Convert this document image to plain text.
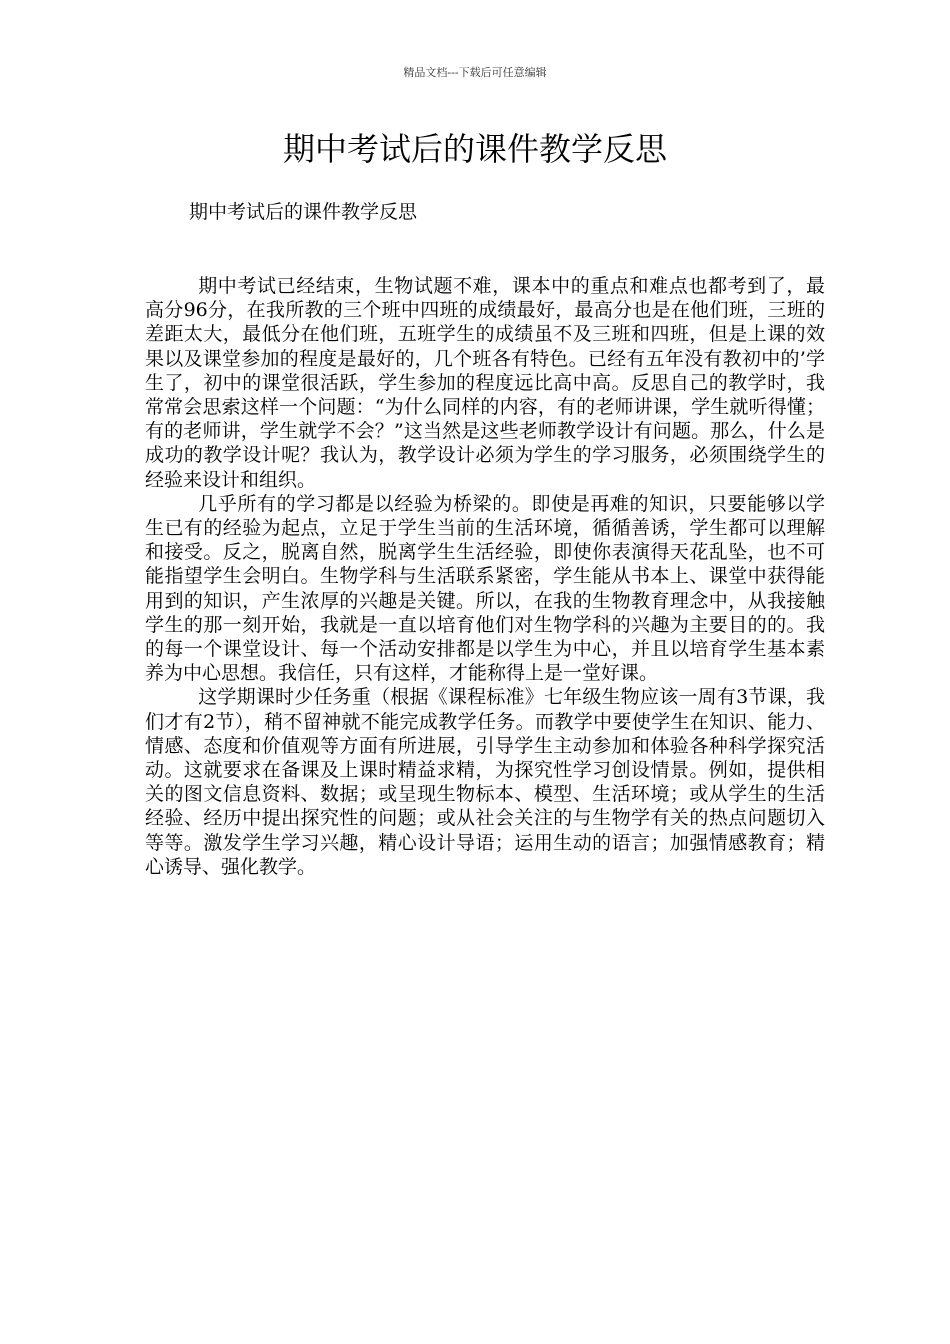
精品文档---下载后可任意编辑
期中考试后的课件教学反思
期中考试后的课件教学反思

期中考试已经结束，生物试题不难，课本中的重点和难点也都考到了，最高分96分，在我所教的三个班中四班的成绩最好，最高分也是在他们班，三班的差距太大，最低分在他们班，五班学生的成绩虽不及三班和四班，但是上课的效果以及课堂参加的程度是最好的，几个班各有特色。已经有五年没有教初中的’学生了，初中的课堂很活跃，学生参加的程度远比高中高。反思自己的教学时，我常常会思索这样一个问题：“为什么同样的内容，有的老师讲课，学生就听得懂；有的老师讲，学生就学不会？”这当然是这些老师教学设计有问题。那么，什么是成功的教学设计呢？我认为，教学设计必须为学生的学习服务，必须围绕学生的经验来设计和组织。

几乎所有的学习都是以经验为桥梁的。即使是再难的知识，只要能够以学生已有的经验为起点，立足于学生当前的生活环境，循循善诱，学生都可以理解和接受。反之，脱离自然，脱离学生生活经验，即使你表演得天花乱坠，也不可能指望学生会明白。生物学科与生活联系紧密，学生能从书本上、课堂中获得能用到的知识，产生浓厚的兴趣是关键。所以，在我的生物教育理念中，从我接触学生的那一刻开始，我就是一直以培育他们对生物学科的兴趣为主要目的的。我的每一个课堂设计、每一个活动安排都是以学生为中心，并且以培育学生基本素养为中心思想。我信任，只有这样，才能称得上是一堂好课。

这学期课时少任务重（根据《课程标准》七年级生物应该一周有3节课，我们才有2节），稍不留神就不能完成教学任务。而教学中要使学生在知识、能力、情感、态度和价值观等方面有所进展，引导学生主动参加和体验各种科学探究活动。这就要求在备课及上课时精益求精，为探究性学习创设情景。例如，提供相关的图文信息资料、数据；或呈现生物标本、模型、生活环境；或从学生的生活经验、经历中提出探究性的问题；或从社会关注的与生物学有关的热点问题切入等等。激发学生学习兴趣，精心设计导语；运用生动的语言；加强情感教育；精心诱导、强化教学。
